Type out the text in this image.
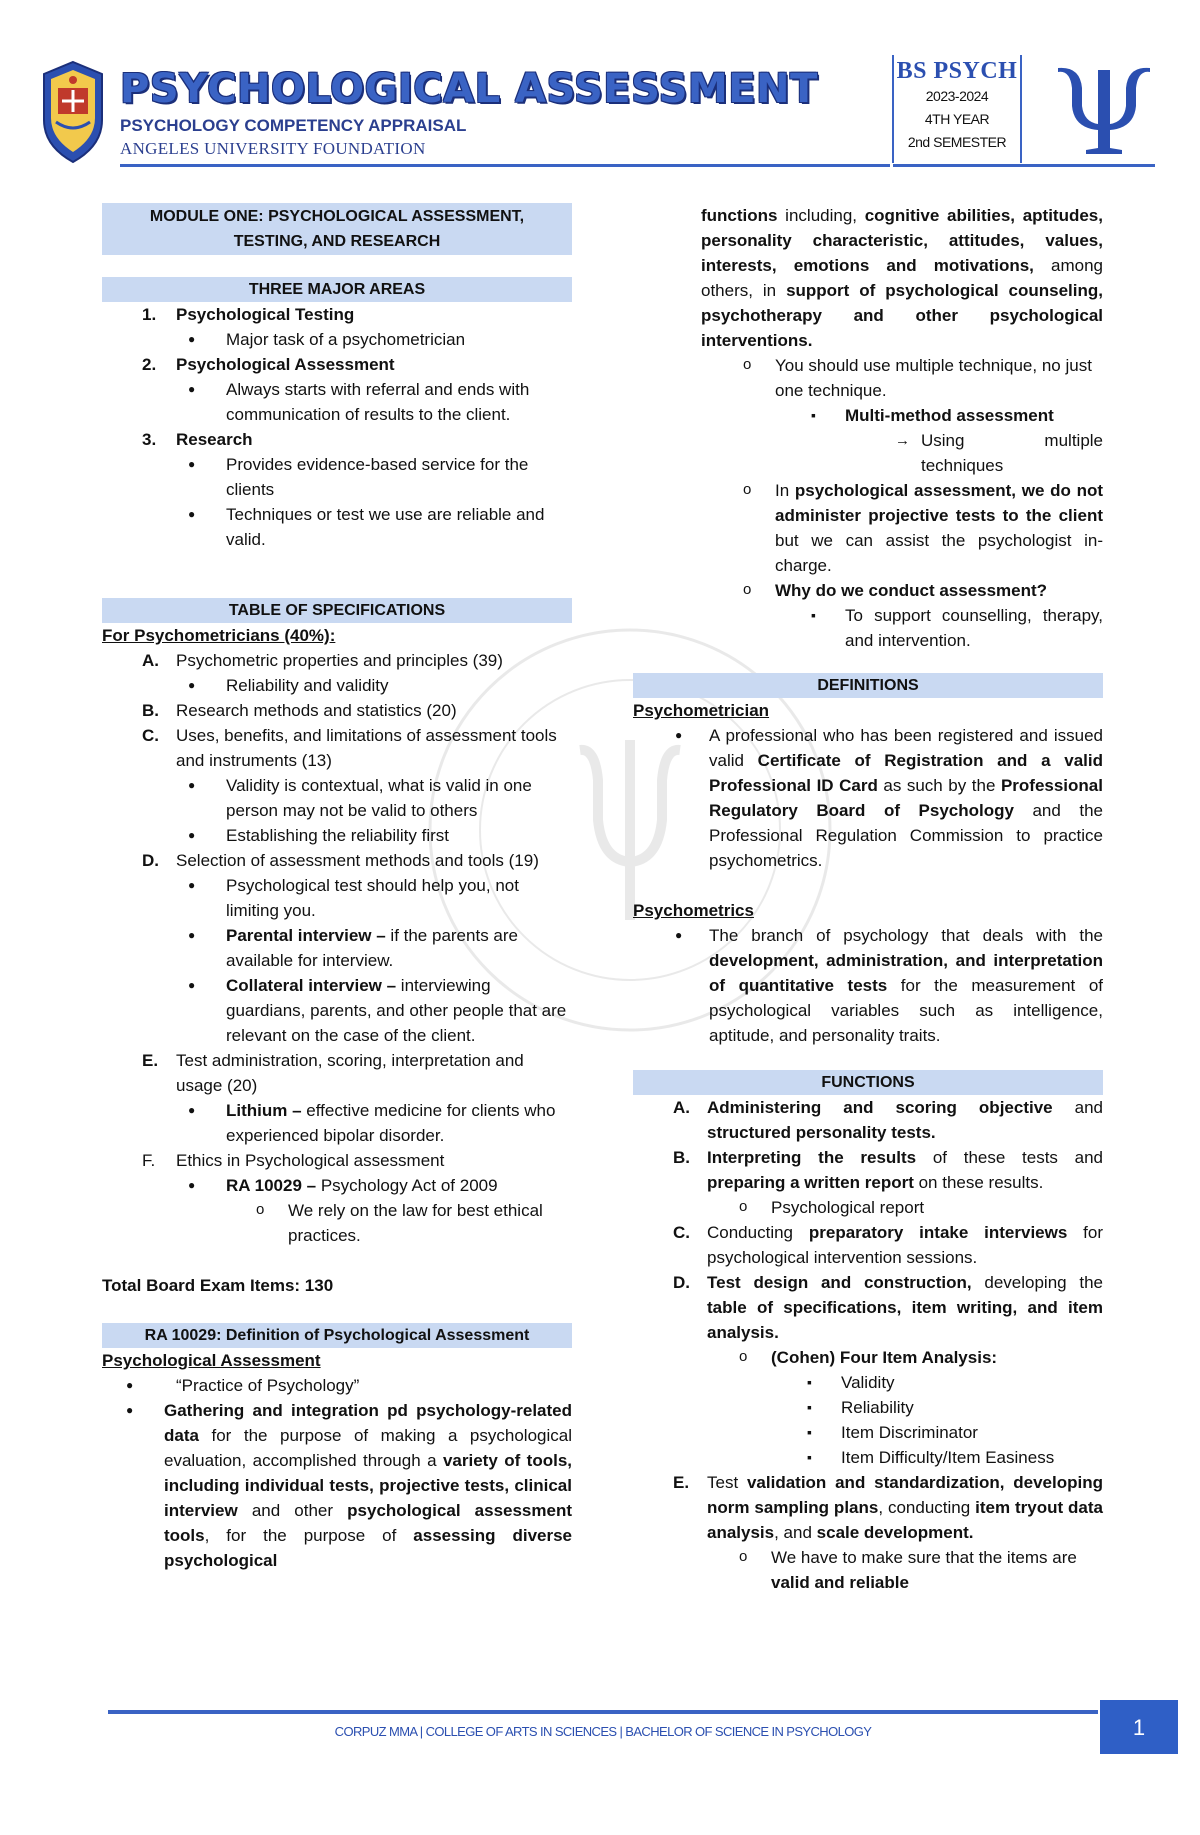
PSYCHOLOGICAL ASSESSMENT
PSYCHOLOGY COMPETENCY APPRAISAL
ANGELES UNIVERSITY FOUNDATION
BS PSYCH
2023-2024
4TH YEAR
2nd SEMESTER
MODULE ONE: PSYCHOLOGICAL ASSESSMENT,
TESTING, AND RESEARCH
THREE MAJOR AREAS
1. Psychological Testing
● Major task of a psychometrician
2. Psychological Assessment
● Always starts with referral and ends with communication of results to the client.
3. Research
● Provides evidence-based service for the clients
● Techniques or test we use are reliable and valid.
TABLE OF SPECIFICATIONS
For Psychometricians (40%):
A. Psychometric properties and principles (39)
● Reliability and validity
B. Research methods and statistics (20)
C. Uses, benefits, and limitations of assessment tools and instruments (13)
● Validity is contextual, what is valid in one person may not be valid to others
● Establishing the reliability first
D. Selection of assessment methods and tools (19)
● Psychological test should help you, not limiting you.
● Parental interview – if the parents are available for interview.
● Collateral interview – interviewing guardians, parents, and other people that are relevant on the case of the client.
E. Test administration, scoring, interpretation and usage (20)
● Lithium – effective medicine for clients who experienced bipolar disorder.
F. Ethics in Psychological assessment
● RA 10029 – Psychology Act of 2009
o We rely on the law for best ethical practices.
Total Board Exam Items: 130
RA 10029: Definition of Psychological Assessment
Psychological Assessment
● “Practice of Psychology”
● Gathering and integration pd psychology-related data for the purpose of making a psychological evaluation, accomplished through a variety of tools, including individual tests, projective tests, clinical interview and other psychological assessment tools, for the purpose of assessing diverse psychological
functions including, cognitive abilities, aptitudes, personality characteristic, attitudes, values, interests, emotions and motivations, among others, in support of psychological counseling, psychotherapy and other psychological interventions.
o You should use multiple technique, no just one technique.
▪ Multi-method assessment
→ Using multiple techniques
o In psychological assessment, we do not administer projective tests to the client but we can assist the psychologist in-charge.
o Why do we conduct assessment?
▪ To support counselling, therapy, and intervention.
DEFINITIONS
Psychometrician
● A professional who has been registered and issued valid Certificate of Registration and a valid Professional ID Card as such by the Professional Regulatory Board of Psychology and the Professional Regulation Commission to practice psychometrics.
Psychometrics
● The branch of psychology that deals with the development, administration, and interpretation of quantitative tests for the measurement of psychological variables such as intelligence, aptitude, and personality traits.
FUNCTIONS
A. Administering and scoring objective and structured personality tests.
B. Interpreting the results of these tests and preparing a written report on these results.
o Psychological report
C. Conducting preparatory intake interviews for psychological intervention sessions.
D. Test design and construction, developing the table of specifications, item writing, and item analysis.
o (Cohen) Four Item Analysis:
▪ Validity
▪ Reliability
▪ Item Discriminator
▪ Item Difficulty/Item Easiness
E. Test validation and standardization, developing norm sampling plans, conducting item tryout data analysis, and scale development.
o We have to make sure that the items are valid and reliable
CORPUZ MMA | COLLEGE OF ARTS IN SCIENCES | BACHELOR OF SCIENCE IN PSYCHOLOGY	1
